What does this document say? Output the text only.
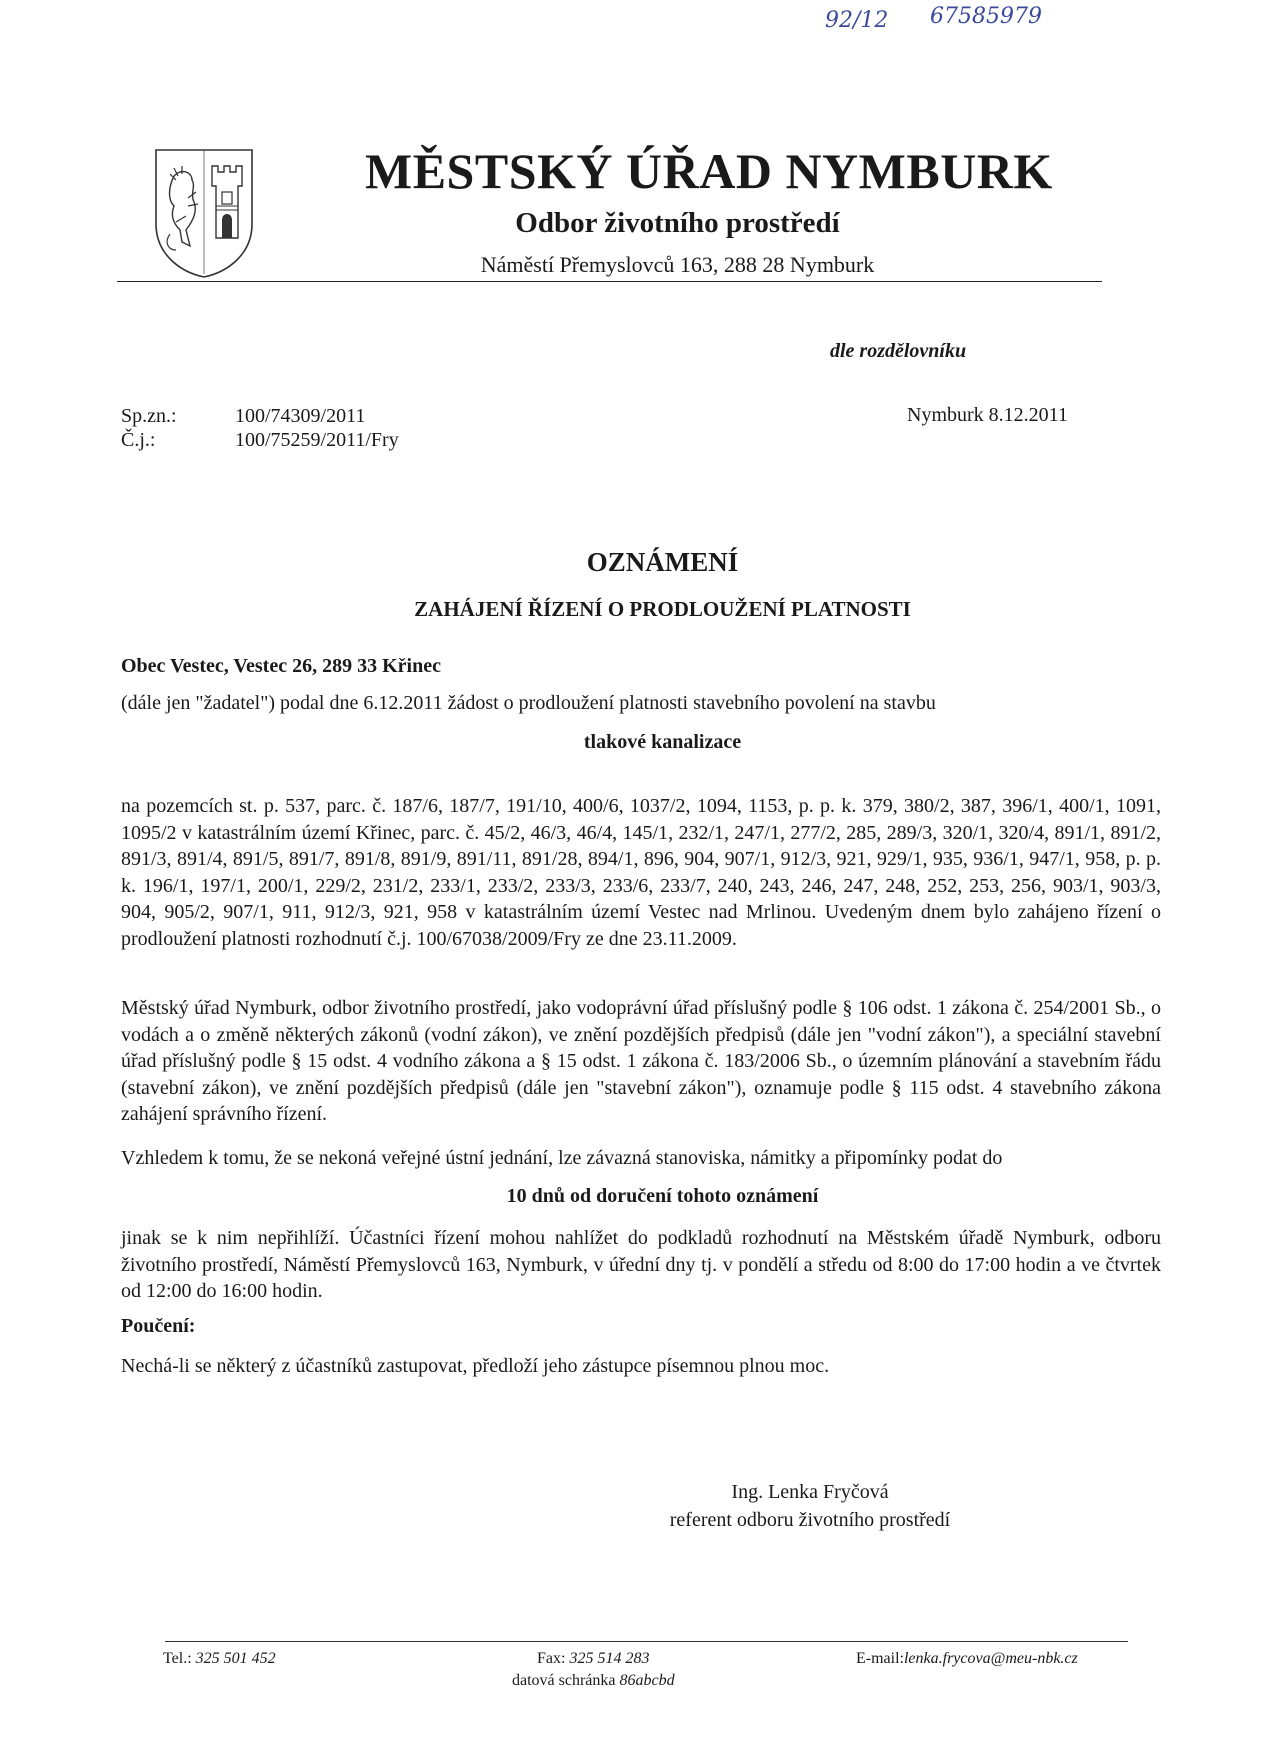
92/12 67585979
MĚSTSKÝ ÚŘAD NYMBURK
Odbor životního prostředí
Náměstí Přemyslovců 163, 288 28 Nymburk
dle rozdělovníku
Sp.zn.:	100/74309/2011
Č.j.:	100/75259/2011/Fry
Nymburk 8.12.2011
OZNÁMENÍ
ZAHÁJENÍ ŘÍZENÍ O PRODLOUŽENÍ PLATNOSTI
Obec Vestec, Vestec 26, 289 33 Křinec
(dále jen "žadatel") podal dne 6.12.2011 žádost o prodloužení platnosti stavebního povolení na stavbu
tlakové kanalizace
na pozemcích st. p. 537, parc. č. 187/6, 187/7, 191/10, 400/6, 1037/2, 1094, 1153, p. p. k. 379, 380/2, 387, 396/1, 400/1, 1091, 1095/2 v katastrálním území Křinec, parc. č. 45/2, 46/3, 46/4, 145/1, 232/1, 247/1, 277/2, 285, 289/3, 320/1, 320/4, 891/1, 891/2, 891/3, 891/4, 891/5, 891/7, 891/8, 891/9, 891/11, 891/28, 894/1, 896, 904, 907/1, 912/3, 921, 929/1, 935, 936/1, 947/1, 958, p. p. k. 196/1, 197/1, 200/1, 229/2, 231/2, 233/1, 233/2, 233/3, 233/6, 233/7, 240, 243, 246, 247, 248, 252, 253, 256, 903/1, 903/3, 904, 905/2, 907/1, 911, 912/3, 921, 958 v katastrálním území Vestec nad Mrlinou. Uvedeným dnem bylo zahájeno řízení o prodloužení platnosti rozhodnutí č.j. 100/67038/2009/Fry ze dne 23.11.2009.
Městský úřad Nymburk, odbor životního prostředí, jako vodoprávní úřad příslušný podle § 106 odst. 1 zákona č. 254/2001 Sb., o vodách a o změně některých zákonů (vodní zákon), ve znění pozdějších předpisů (dále jen "vodní zákon"), a speciální stavební úřad příslušný podle § 15 odst. 4 vodního zákona a § 15 odst. 1 zákona č. 183/2006 Sb., o územním plánování a stavebním řádu (stavební zákon), ve znění pozdějších předpisů (dále jen "stavební zákon"), oznamuje podle § 115 odst. 4 stavebního zákona zahájení správního řízení.
Vzhledem k tomu, že se nekoná veřejné ústní jednání, lze závazná stanoviska, námitky a připomínky podat do
10 dnů od doručení tohoto oznámení
jinak se k nim nepřihlíží. Účastníci řízení mohou nahlížet do podkladů rozhodnutí na Městském úřadě Nymburk, odboru životního prostředí, Náměstí Přemyslovců 163, Nymburk, v úřední dny tj. v pondělí a středu od 8:00 do 17:00 hodin a ve čtvrtek od 12:00 do 16:00 hodin.
Poučení:
Nechá-li se některý z účastníků zastupovat, předloží jeho zástupce písemnou plnou moc.
Ing. Lenka Fryčová
referent odboru životního prostředí
Tel.: 325 501 452	Fax: 325 514 283
datová schránka 86abcbd
E-mail:lenka.frycova@meu-nbk.cz
